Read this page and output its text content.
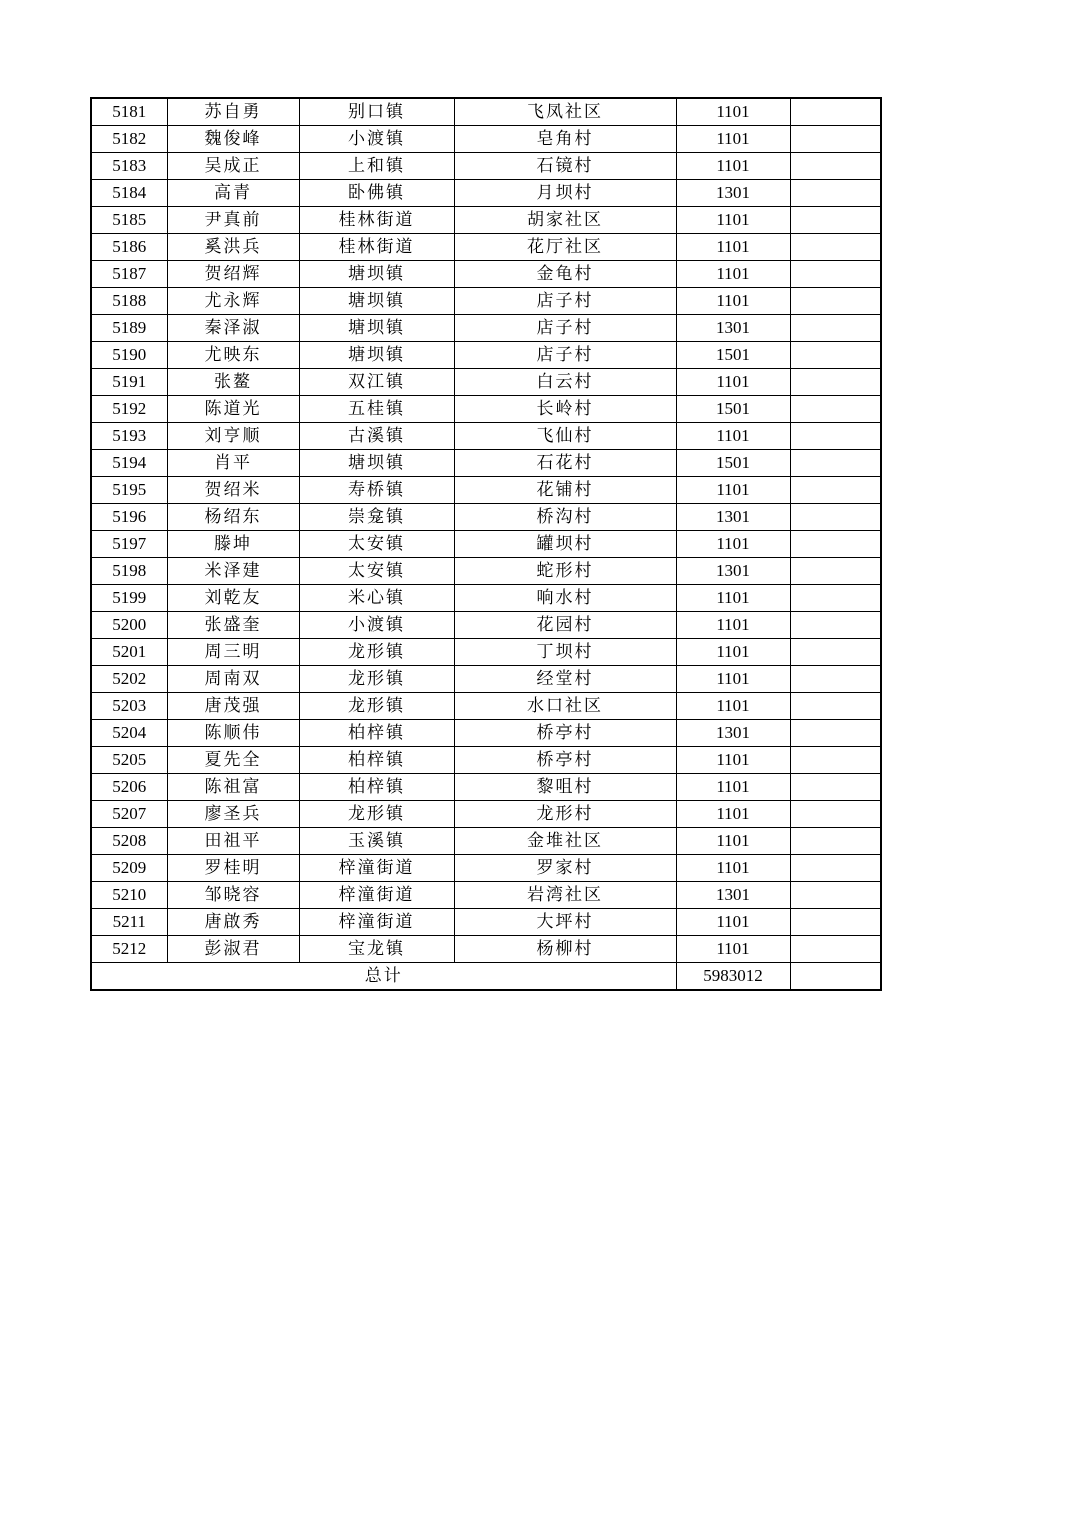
5181	苏自勇	别口镇	飞凤社区	1101	
5182	魏俊峰	小渡镇	皂角村	1101	
5183	吴成正	上和镇	石镜村	1101	
5184	高青	卧佛镇	月坝村	1301	
5185	尹真前	桂林街道	胡家社区	1101	
5186	奚洪兵	桂林街道	花厅社区	1101	
5187	贺绍辉	塘坝镇	金龟村	1101	
5188	尤永辉	塘坝镇	店子村	1101	
5189	秦泽淑	塘坝镇	店子村	1301	
5190	尤映东	塘坝镇	店子村	1501	
5191	张鳌	双江镇	白云村	1101	
5192	陈道光	五桂镇	长岭村	1501	
5193	刘亨顺	古溪镇	飞仙村	1101	
5194	肖平	塘坝镇	石花村	1501	
5195	贺绍米	寿桥镇	花铺村	1101	
5196	杨绍东	崇龛镇	桥沟村	1301	
5197	滕坤	太安镇	罐坝村	1101	
5198	米泽建	太安镇	蛇形村	1301	
5199	刘乾友	米心镇	响水村	1101	
5200	张盛奎	小渡镇	花园村	1101	
5201	周三明	龙形镇	丁坝村	1101	
5202	周南双	龙形镇	经堂村	1101	
5203	唐茂强	龙形镇	水口社区	1101	
5204	陈顺伟	柏梓镇	桥亭村	1301	
5205	夏先全	柏梓镇	桥亭村	1101	
5206	陈祖富	柏梓镇	黎咀村	1101	
5207	廖圣兵	龙形镇	龙形村	1101	
5208	田祖平	玉溪镇	金堆社区	1101	
5209	罗桂明	梓潼街道	罗家村	1101	
5210	邹晓容	梓潼街道	岩湾社区	1301	
5211	唐啟秀	梓潼街道	大坪村	1101	
5212	彭淑君	宝龙镇	杨柳村	1101	
总计				5983012	
